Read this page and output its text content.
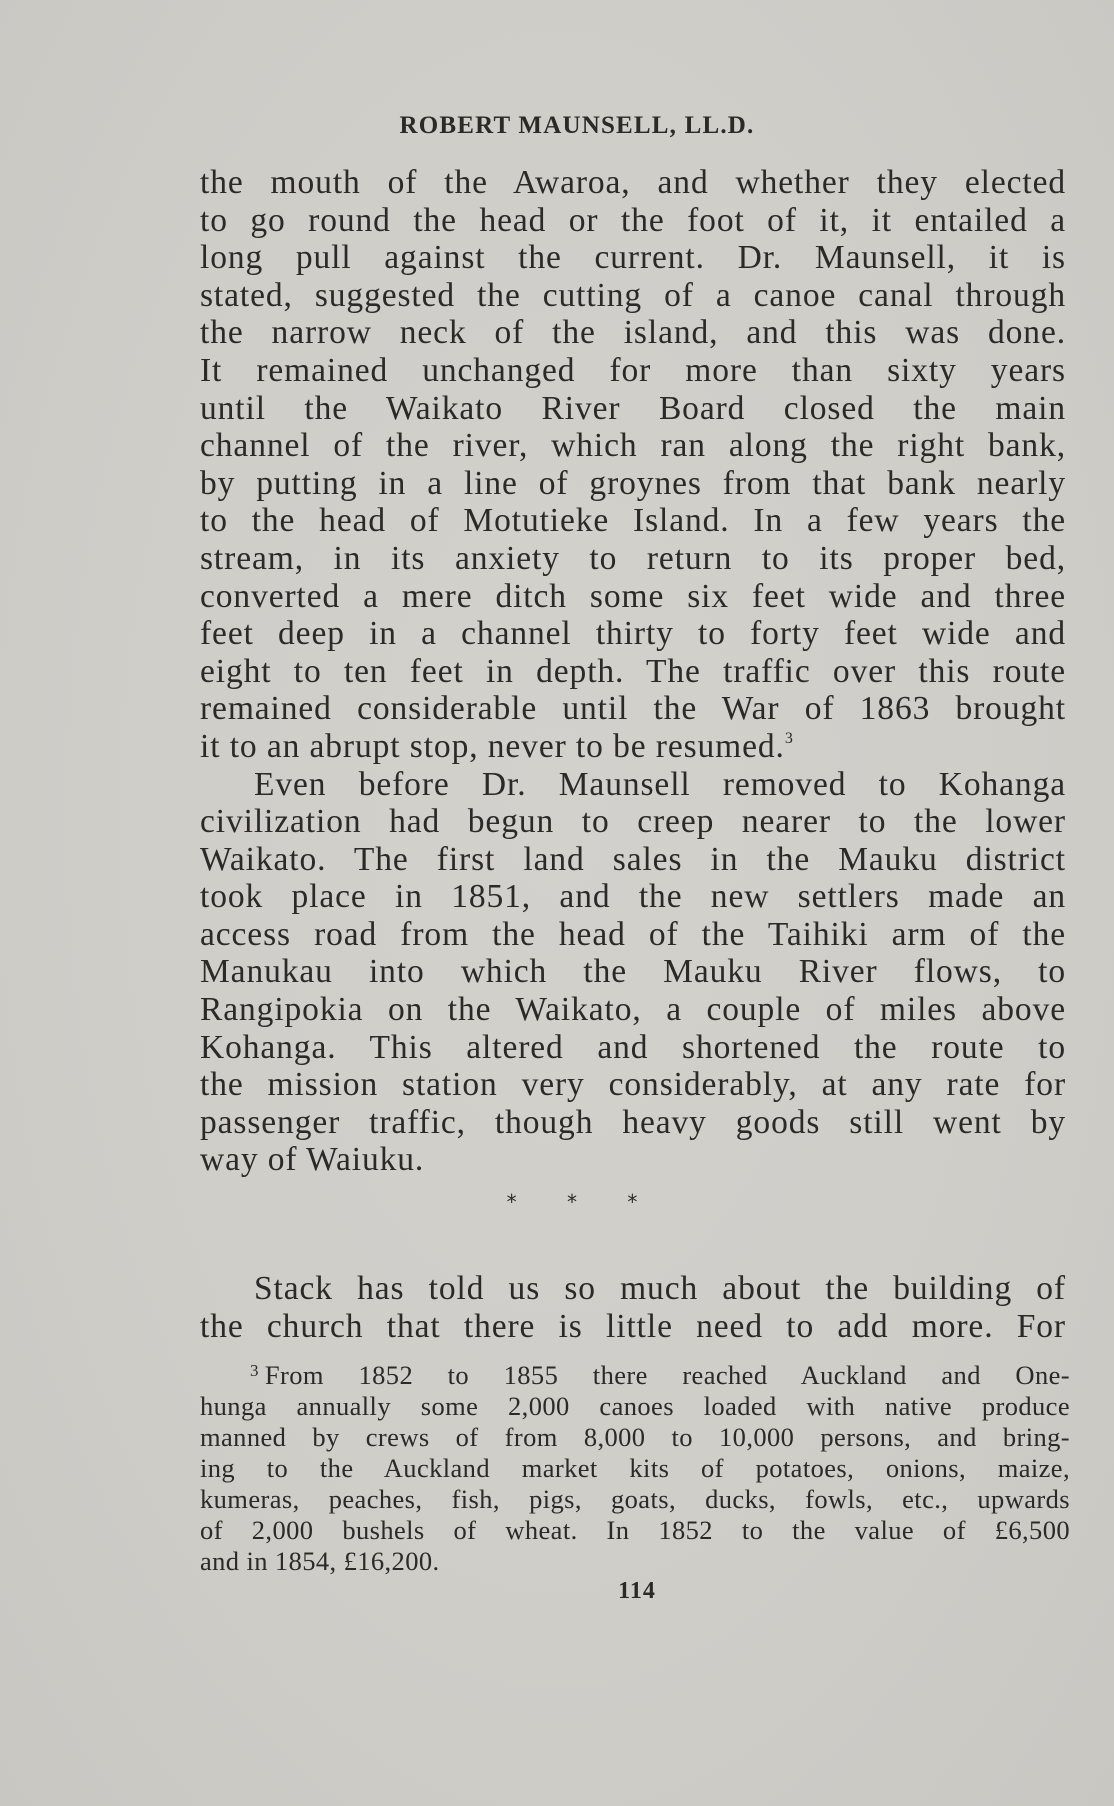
ROBERT MAUNSELL, LL.D.
the mouth of the Awaroa, and whether they elected
to go round the head or the foot of it, it entailed a
long pull against the current. Dr. Maunsell, it is
stated, suggested the cutting of a canoe canal through
the narrow neck of the island, and this was done.
It remained unchanged for more than sixty years
until the Waikato River Board closed the main
channel of the river, which ran along the right bank,
by putting in a line of groynes from that bank nearly
to the head of Motutieke Island. In a few years the
stream, in its anxiety to return to its proper bed,
converted a mere ditch some six feet wide and three
feet deep in a channel thirty to forty feet wide and
eight to ten feet in depth. The traffic over this route
remained considerable until the War of 1863 brought
it to an abrupt stop, never to be resumed.$^3$
Even before Dr. Maunsell removed to Kohanga
civilization had begun to creep nearer to the lower
Waikato. The first land sales in the Mauku district
took place in 1851, and the new settlers made an
access road from the head of the Taihiki arm of the
Manukau into which the Mauku River flows, to
Rangipokia on the Waikato, a couple of miles above
Kohanga. This altered and shortened the route to
the mission station very considerably, at any rate for
passenger traffic, though heavy goods still went by
way of Waiuku.
*	*	*
Stack has told us so much about the building of
the church that there is little need to add more. For
$^3$ From 1852 to 1855 there reached Auckland and One-
hunga annually some 2,000 canoes loaded with native produce
manned by crews of from 8,000 to 10,000 persons, and bring-
ing to the Auckland market kits of potatoes, onions, maize,
kumeras, peaches, fish, pigs, goats, ducks, fowls, etc., upwards
of 2,000 bushels of wheat. In 1852 to the value of £6,500
and in 1854, £16,200.
114
